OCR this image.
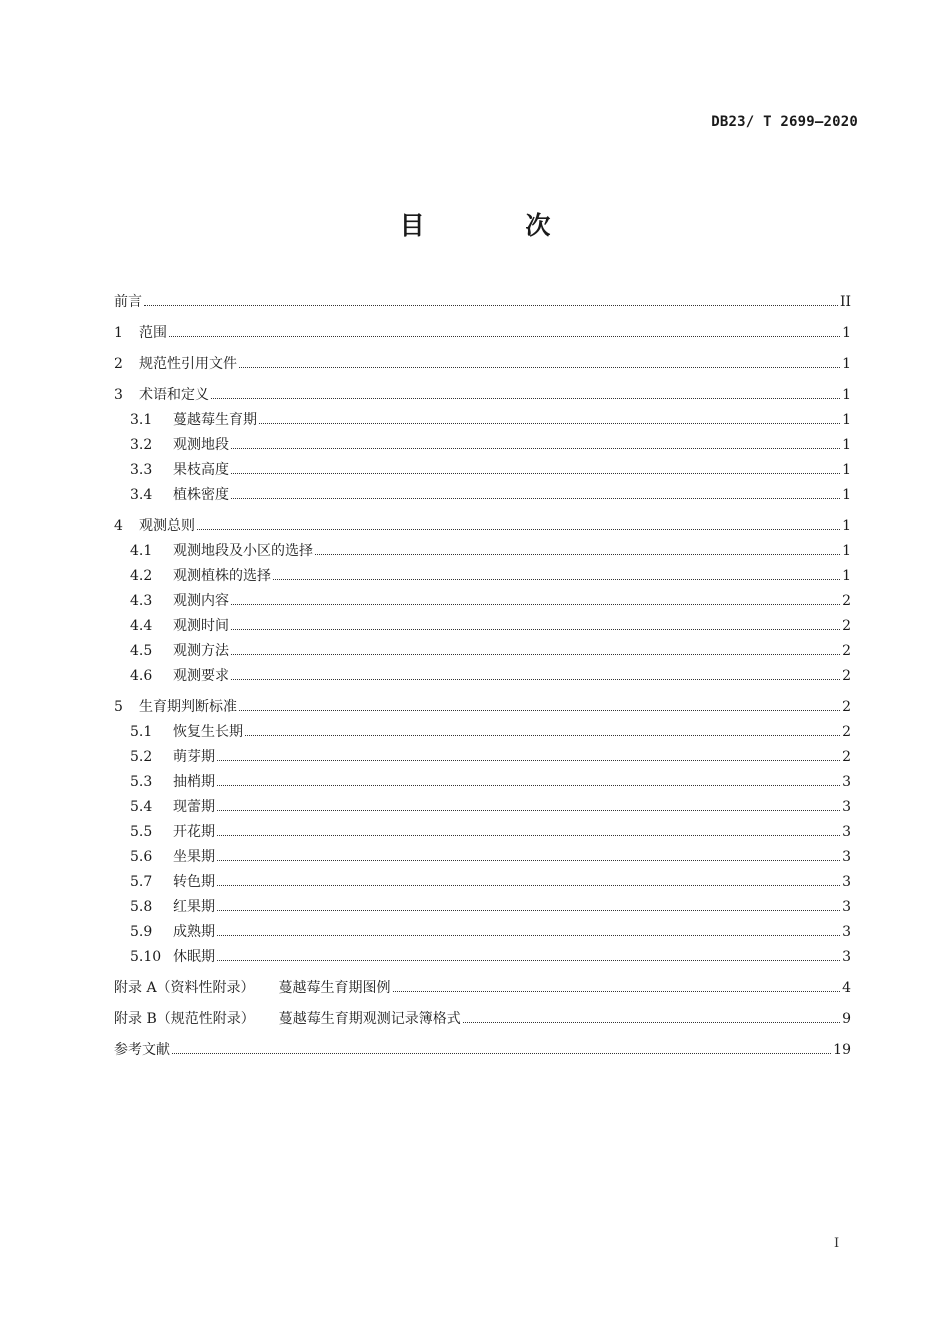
DB23/ T 2699—2020
目 次
前言	II
1	范围	1
2	规范性引用文件	1
3	术语和定义	1
3.1	蔓越莓生育期	1
3.2	观测地段	1
3.3	果枝高度	1
3.4	植株密度	1
4	观测总则	1
4.1	观测地段及小区的选择	1
4.2	观测植株的选择	1
4.3	观测内容	2
4.4	观测时间	2
4.5	观测方法	2
4.6	观测要求	2
5	生育期判断标准	2
5.1	恢复生长期	2
5.2	萌芽期	2
5.3	抽梢期	3
5.4	现蕾期	3
5.5	开花期	3
5.6	坐果期	3
5.7	转色期	3
5.8	红果期	3
5.9	成熟期	3
5.10 休眠期	3
附录 A（资料性附录） 蔓越莓生育期图例	4
附录 B（规范性附录） 蔓越莓生育期观测记录簿格式	9
参考文献	19
I
